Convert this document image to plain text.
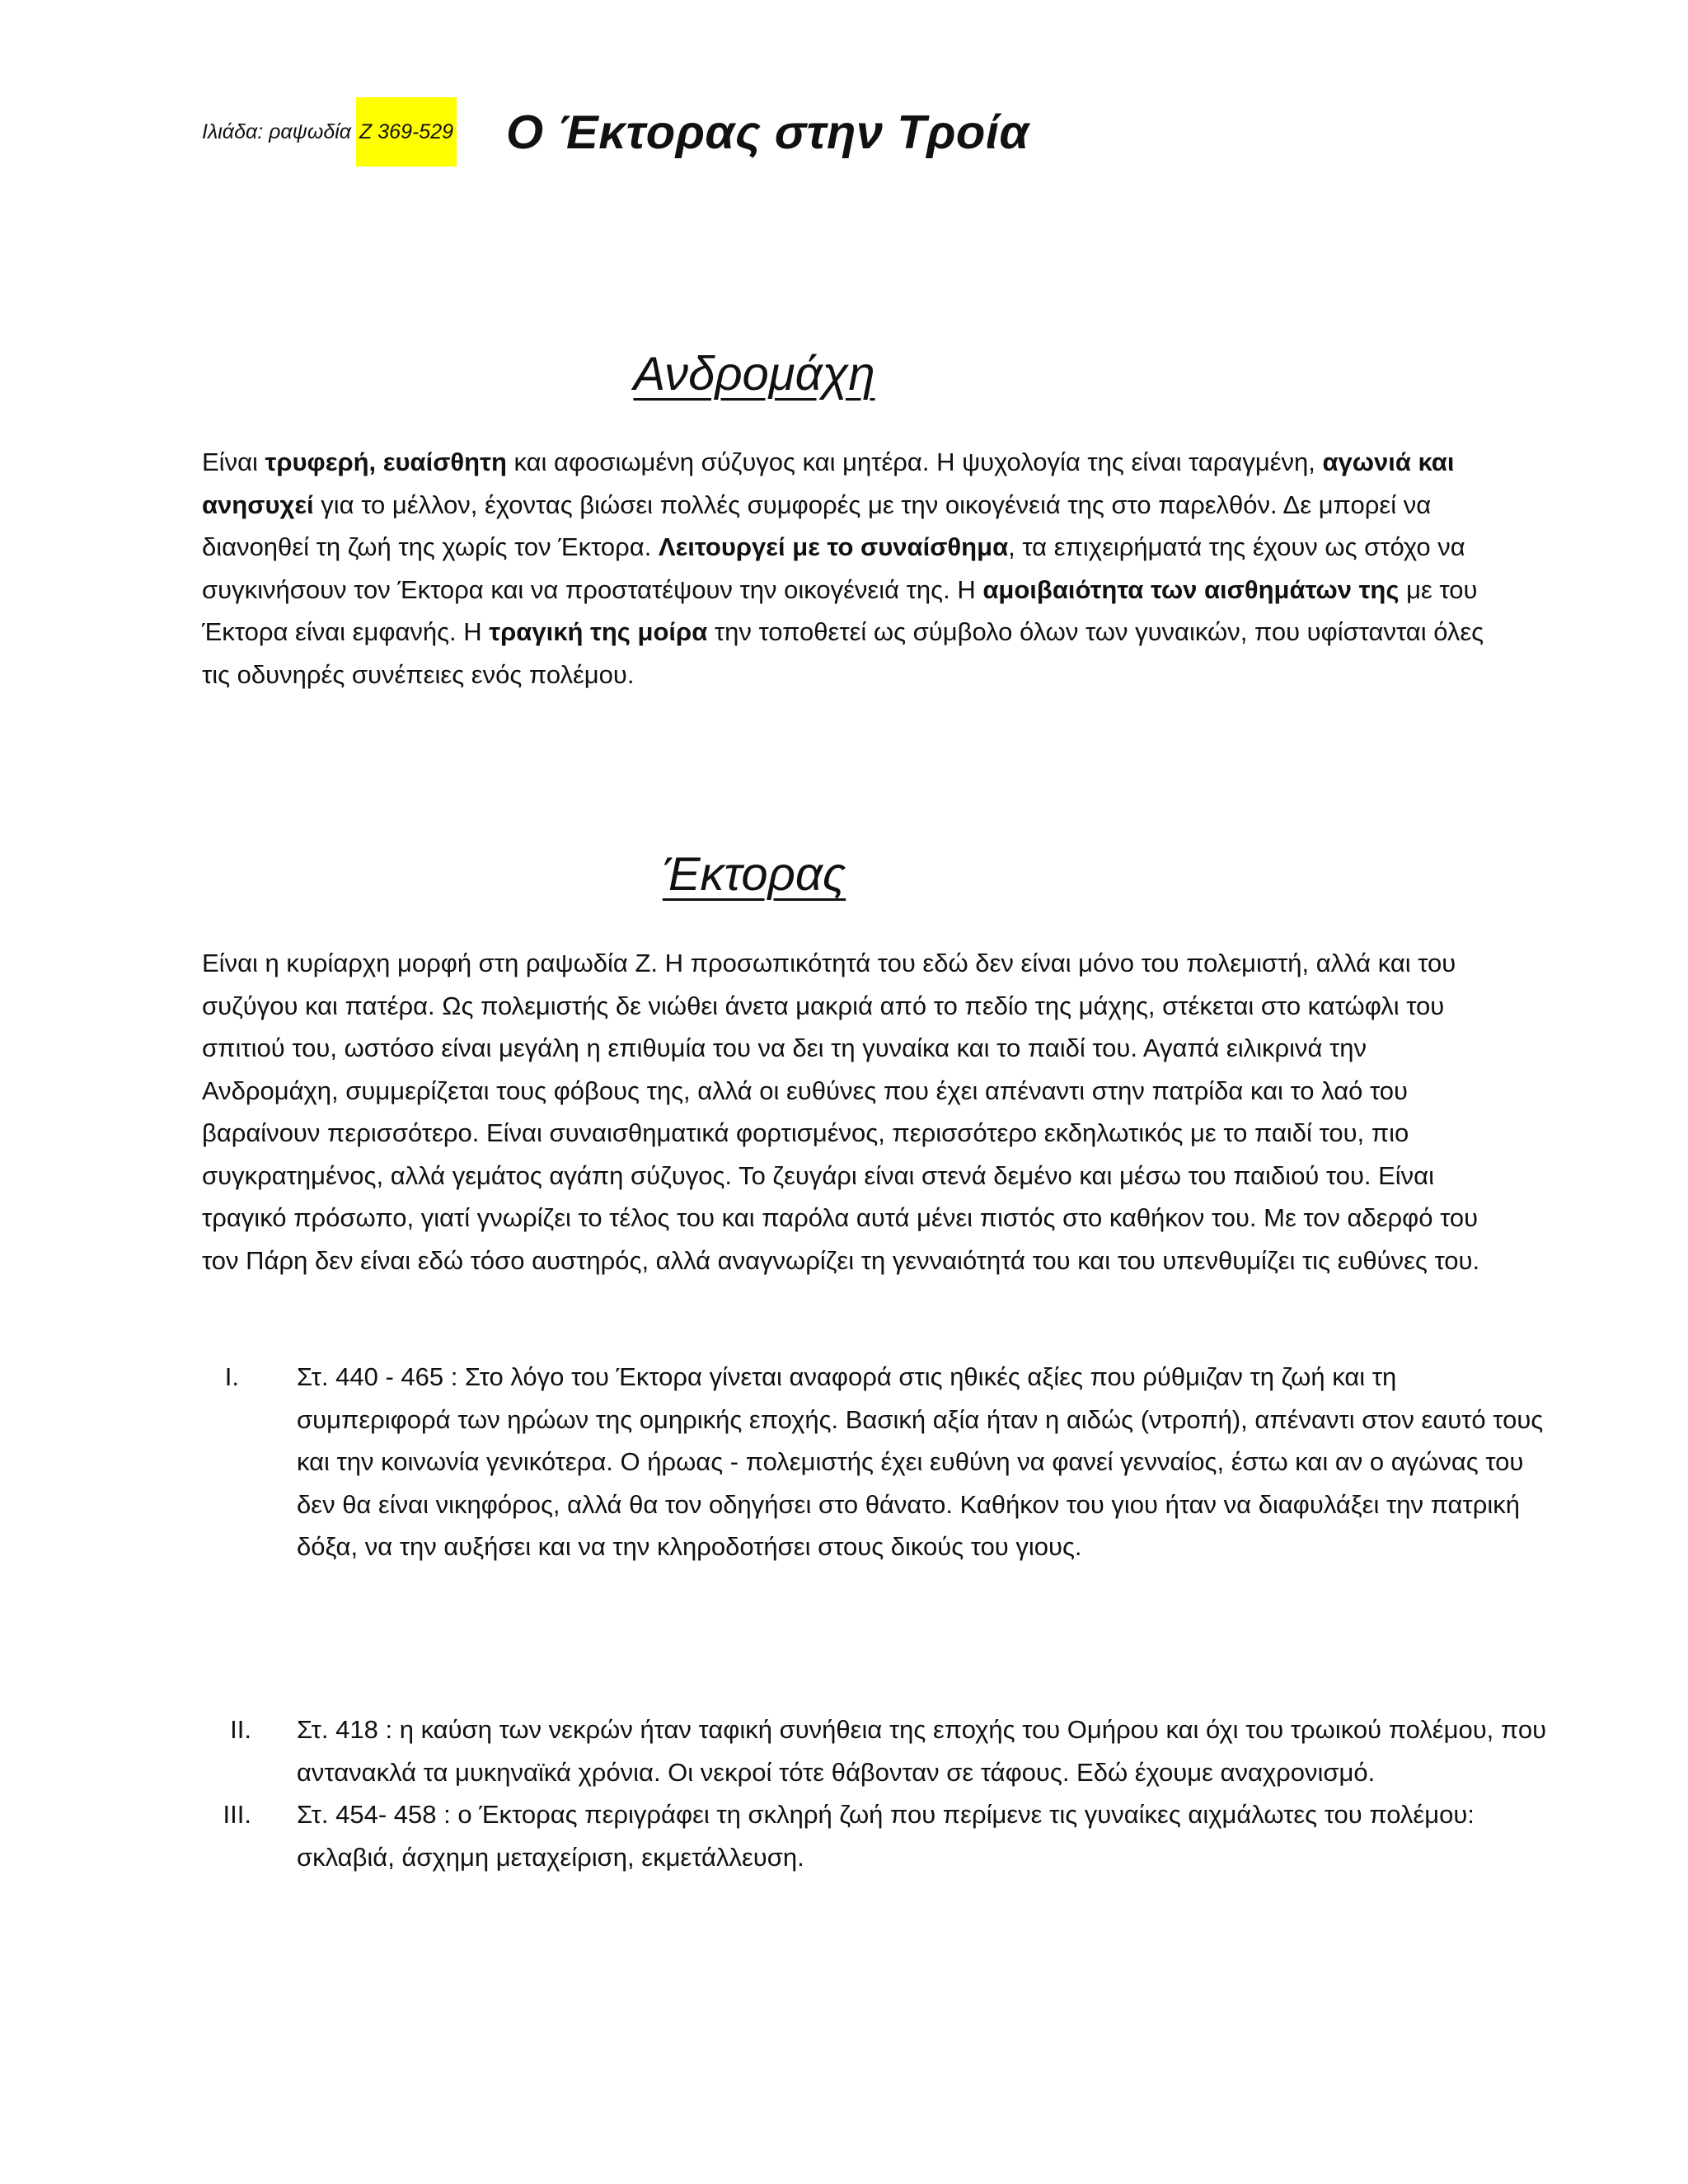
Ιλιάδα: ραψωδία Ζ 369-529 Ο Έκτορας στην Τροία
Ανδρομάχη

Είναι τρυφερή, ευαίσθητη και αφοσιωμένη σύζυγος και μητέρα. Η ψυχολογία της είναι ταραγμένη, αγωνιά και ανησυχεί για το μέλλον, έχοντας βιώσει πολλές συμφορές με την οικογένειά της στο παρελθόν. Δε μπορεί να διανοηθεί τη ζωή της χωρίς τον Έκτορα. Λειτουργεί με το συναίσθημα, τα επιχειρήματά της έχουν ως στόχο να συγκινήσουν τον Έκτορα και να προστατέψουν την οικογένειά της. Η αμοιβαιότητα των αισθημάτων της με του Έκτορα είναι εμφανής. Η τραγική της μοίρα την τοποθετεί ως σύμβολο όλων των γυναικών, που υφίστανται όλες τις οδυνηρές συνέπειες ενός πολέμου.

Έκτορας

Είναι η κυρίαρχη μορφή στη ραψωδία Ζ. Η προσωπικότητά του εδώ δεν είναι μόνο του πολεμιστή, αλλά και του συζύγου και πατέρα. Ως πολεμιστής δε νιώθει άνετα μακριά από το πεδίο της μάχης, στέκεται στο κατώφλι του σπιτιού του, ωστόσο είναι μεγάλη η επιθυμία του να δει τη γυναίκα και το παιδί του. Αγαπά ειλικρινά την Ανδρομάχη, συμμερίζεται τους φόβους της, αλλά οι ευθύνες που έχει απέναντι στην πατρίδα και το λαό του βαραίνουν περισσότερο. Είναι συναισθηματικά φορτισμένος, περισσότερο εκδηλωτικός με το παιδί του, πιο συγκρατημένος, αλλά γεμάτος αγάπη σύζυγος. Το ζευγάρι είναι στενά δεμένο και μέσω του παιδιού του. Είναι τραγικό πρόσωπο, γιατί γνωρίζει το τέλος του και παρόλα αυτά μένει πιστός στο καθήκον του. Με τον αδερφό του τον Πάρη δεν είναι εδώ τόσο αυστηρός, αλλά αναγνωρίζει τη γενναιότητά του και του υπενθυμίζει τις ευθύνες του.

I. Στ. 440 - 465 : Στο λόγο του Έκτορα γίνεται αναφορά στις ηθικές αξίες που ρύθμιζαν τη ζωή και τη συμπεριφορά των ηρώων της ομηρικής εποχής. Βασική αξία ήταν η αιδώς (ντροπή), απέναντι στον εαυτό τους και την κοινωνία γενικότερα. Ο ήρωας - πολεμιστής έχει ευθύνη να φανεί γενναίος, έστω και αν ο αγώνας του δεν θα είναι νικηφόρος, αλλά θα τον οδηγήσει στο θάνατο. Καθήκον του γιου ήταν να διαφυλάξει την πατρική δόξα, να την αυξήσει και να την κληροδοτήσει στους δικούς του γιους.
II. Στ. 418 : η καύση των νεκρών ήταν ταφική συνήθεια της εποχής του Ομήρου και όχι του τρωικού πολέμου, που αντανακλά τα μυκηναϊκά χρόνια. Οι νεκροί τότε θάβονταν σε τάφους. Εδώ έχουμε αναχρονισμό.
III. Στ. 454- 458 : ο Έκτορας περιγράφει τη σκληρή ζωή που περίμενε τις γυναίκες αιχμάλωτες του πολέμου: σκλαβιά, άσχημη μεταχείριση, εκμετάλλευση.
